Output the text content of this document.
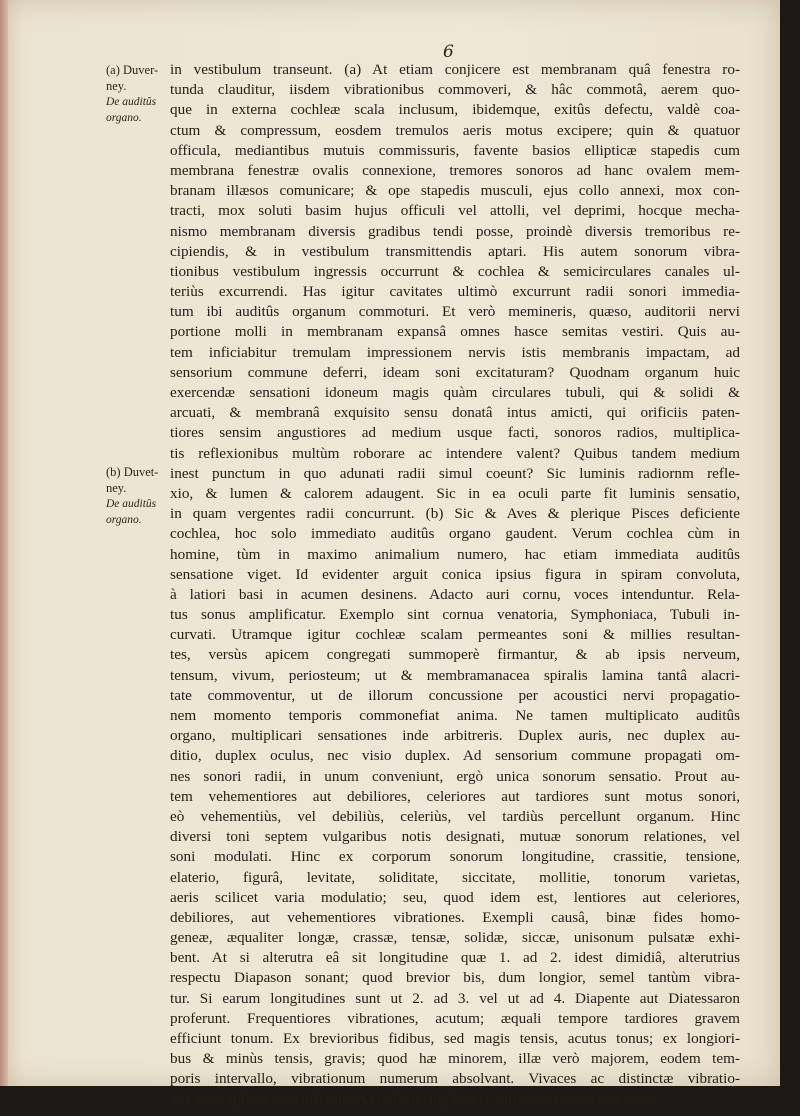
6
(a) Duver-
ney.
De auditûs
organo.
(b) Duvet-
ney.
De auditûs
organo.
in vestibulum transeunt. (a) At etiam conjicere est membranam quâ fenestra ro-
tunda clauditur, iisdem vibrationibus commoveri, & hâc commotâ, aerem quo-
que in externa cochleæ scala inclusum, ibidemque, exitûs defectu, valdè coa-
ctum & compressum, eosdem tremulos aeris motus excipere; quin & quatuor
officula, mediantibus mutuis commissuris, favente basios ellipticæ stapedis cum
membrana fenestræ ovalis connexione, tremores sonoros ad hanc ovalem mem-
branam illæsos comunicare; & ope stapedis musculi, ejus collo annexi, mox con-
tracti, mox soluti basim hujus officuli vel attolli, vel deprimi, hocque mecha-
nismo membranam diversis gradibus tendi posse, proindè diversis tremoribus re-
cipiendis, & in vestibulum transmittendis aptari. His autem sonorum vibra-
tionibus vestibulum ingressis occurrunt & cochlea & semicirculares canales ul-
teriùs excurrendi. Has igitur cavitates ultimò excurrunt radii sonori immedia-
tum ibi auditûs organum commoturi. Et verò memineris, quæso, auditorii nervi
portione molli in membranam expansâ omnes hasce semitas vestiri. Quis au-
tem inficiabitur tremulam impressionem nervis istis membranis impactam, ad
sensorium commune deferri, ideam soni excitaturam? Quodnam organum huic
exercendæ sensationi idoneum magis quàm circulares tubuli, qui & solidi &
arcuati, & membranâ exquisito sensu donatâ intus amicti, qui orificiis paten-
tiores sensim angustiores ad medium usque facti, sonoros radios, multiplica-
tis reflexionibus multùm roborare ac intendere valent? Quibus tandem medium
inest punctum in quo adunati radii simul coeunt? Sic luminis radiornm refle-
xio, & lumen & calorem adaugent. Sic in ea oculi parte fit luminis sensatio,
in quam vergentes radii concurrunt. (b) Sic & Aves & plerique Pisces deficiente
cochlea, hoc solo immediato auditûs organo gaudent. Verum cochlea cùm in
homine, tùm in maximo animalium numero, hac etiam immediata auditûs
sensatione viget. Id evidenter arguit conica ipsius figura in spiram convoluta,
à latiori basi in acumen desinens. Adacto auri cornu, voces intenduntur. Rela-
tus sonus amplificatur. Exemplo sint cornua venatoria, Symphoniaca, Tubuli in-
curvati. Utramque igitur cochleæ scalam permeantes soni & millies resultan-
tes, versùs apicem congregati summoperè firmantur, & ab ipsis nerveum,
tensum, vivum, periosteum; ut & membramanacea spiralis lamina tantâ alacri-
tate commoventur, ut de illorum concussione per acoustici nervi propagatio-
nem momento temporis commonefiat anima. Ne tamen multiplicato auditûs
organo, multiplicari sensationes inde arbitreris. Duplex auris, nec duplex au-
ditio, duplex oculus, nec visio duplex. Ad sensorium commune propagati om-
nes sonori radii, in unum conveniunt, ergò unica sonorum sensatio. Prout au-
tem vehementiores aut debiliores, celeriores aut tardiores sunt motus sonori,
eò vehementiùs, vel debiliùs, celeriùs, vel tardiùs percellunt organum. Hinc
diversi toni septem vulgaribus notis designati, mutuæ sonorum relationes, vel
soni modulati. Hinc ex corporum sonorum longitudine, crassitie, tensione,
elaterio, figurâ, levitate, soliditate, siccitate, mollitie, tonorum varietas,
aeris scilicet varia modulatio; seu, quod idem est, lentiores aut celeriores,
debiliores, aut vehementiores vibrationes. Exempli causâ, binæ fides homo-
geneæ, æqualiter longæ, crassæ, tensæ, solidæ, siccæ, unisonum pulsatæ exhi-
bent. At si alterutra eâ sit longitudine quæ 1. ad 2. idest dimidiâ, alterutrius
respectu Diapason sonant; quod brevior bis, dum longior, semel tantùm vibra-
tur. Si earum longitudines sunt ut 2. ad 3. vel ut ad 4. Diapente aut Diatessaron
proferunt. Frequentiores vibrationes, acutum; æquali tempore tardiores gravem
efficiunt tonum. Ex brevioribus fidibus, sed magis tensis, acutus tonus; ex longiori-
bus & minùs tensis, gravis; quod hæ minorem, illæ verò majorem, eodem tem-
poris intervallo, vibrationum numerum absolvant. Vivaces ac distinctæ vibratio-
nes tonis splendorem afferunt. A confusis, implicatis, infractis, contrarium expe-
